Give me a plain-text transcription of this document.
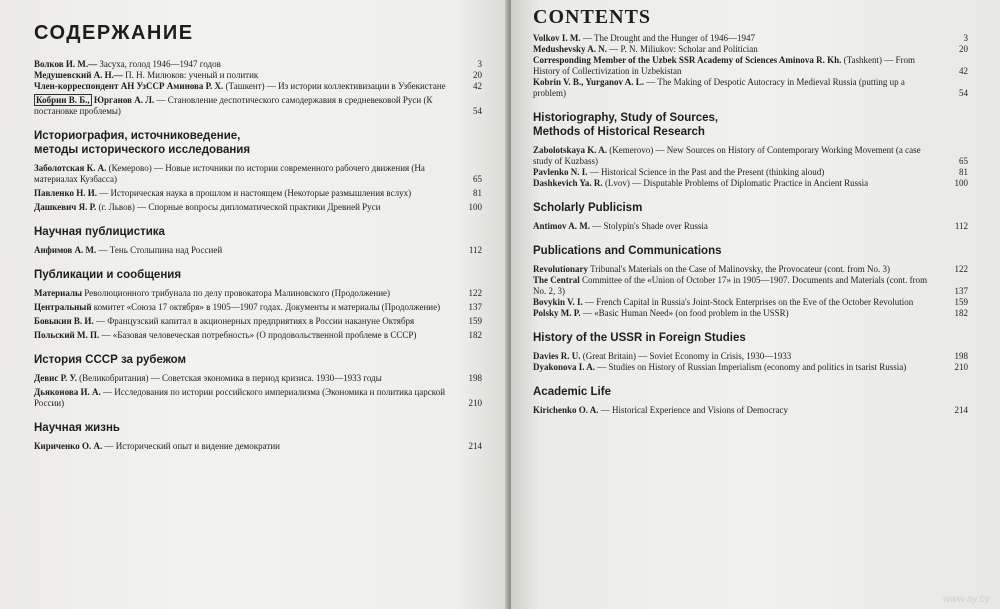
СОДЕРЖАНИЕ
Волков И. М.— Засуха, голод 1946—1947 годов	3
Медушевский А. Н.— П. Н. Милюков: ученый и политик	20
Член-корреспондент АН УзССР Аминова Р. Х. (Ташкент) — Из истории коллективизации в Узбекистане	42
Кобрин В. Б., Юрганов А. Л. — Становление деспотического самодержавия в средневековой Руси (К постановке проблемы)	54
Историография, источниковедение,
методы исторического исследования
Заболотская К. А. (Кемерово) — Новые источники по истории современного рабочего движения (На материалах Кузбасса)	65
Павленко Н. И. — Историческая наука в прошлом и настоящем (Некоторые размышления вслух)	81
Дашкевич Я. Р. (г. Львов) — Спорные вопросы дипломатической практики Древней Руси	100
Научная публицистика
Анфимов А. М. — Тень Столыпина над Россией	112
Публикации и сообщения
Материалы Революционного трибунала по делу провокатора Малиновского (Продолжение)	122
Центральный комитет «Союза 17 октября» в 1905—1907 годах. Документы и материалы (Продолжение)	137
Бовыкин В. И. — Французский капитал в акционерных предприятиях в России накануне Октября	159
Польский М. П. — «Базовая человеческая потребность» (О продовольственной проблеме в СССР)	182
История СССР за рубежом
Девис Р. У. (Великобритания) — Советская экономика в период кризиса. 1930—1933 годы	198
Дьяконова И. А. — Исследования по истории российского империализма (Экономика и политика царской России)	210
Научная жизнь
Кириченко О. А. — Исторический опыт и видение демократии	214
CONTENTS
Volkov I. M. — The Drought and the Hunger of 1946—1947	3
Medushevsky A. N. — P. N. Miliukov: Scholar and Politician	20
Corresponding Member of the Uzbek SSR Academy of Sciences Aminova R. Kh. (Tashkent) — From History of Collectivization in Uzbekistan	42
Kobrin V. B., Yurganov A. L. — The Making of Despotic Autocracy in Medieval Russia (putting up a problem)	54
Historiography, Study of Sources,
Methods of Historical Research
Zabolotskaya K. A. (Kemerovo) — New Sources on History of Contemporary Working Movement (a case study of Kuzbass)	65
Pavlenko N. I. — Historical Science in the Past and the Present (thinking aloud)	81
Dashkevich Ya. R. (Lvov) — Disputable Problems of Diplomatic Practice in Ancient Russia	100
Scholarly Publicism
Antimov A. M. — Stolypin's Shade over Russia	112
Publications and Communications
Revolutionary Tribunal's Materials on the Case of Malinovsky, the Provocateur (cont. from No. 3)	122
The Central Committee of the «Union of October 17» in 1905—1907. Documents and Materials (cont. from No. 2, 3)	137
Bovykin V. I. — French Capital in Russia's Joint-Stock Enterprises on the Eve of the October Revolution	159
Polsky M. P. — «Basic Human Need» (on food problem in the USSR)	182
History of the USSR in Foreign Studies
Davies R. U. (Great Britain) — Soviet Economy in Crisis, 1930—1933	198
Dyakonova I. A. — Studies on History of Russian Imperialism (economy and politics in tsarist Russia)	210
Academic Life
Kirichenko O. A. — Historical Experience and Visions of Democracy	214
www.ay.by
